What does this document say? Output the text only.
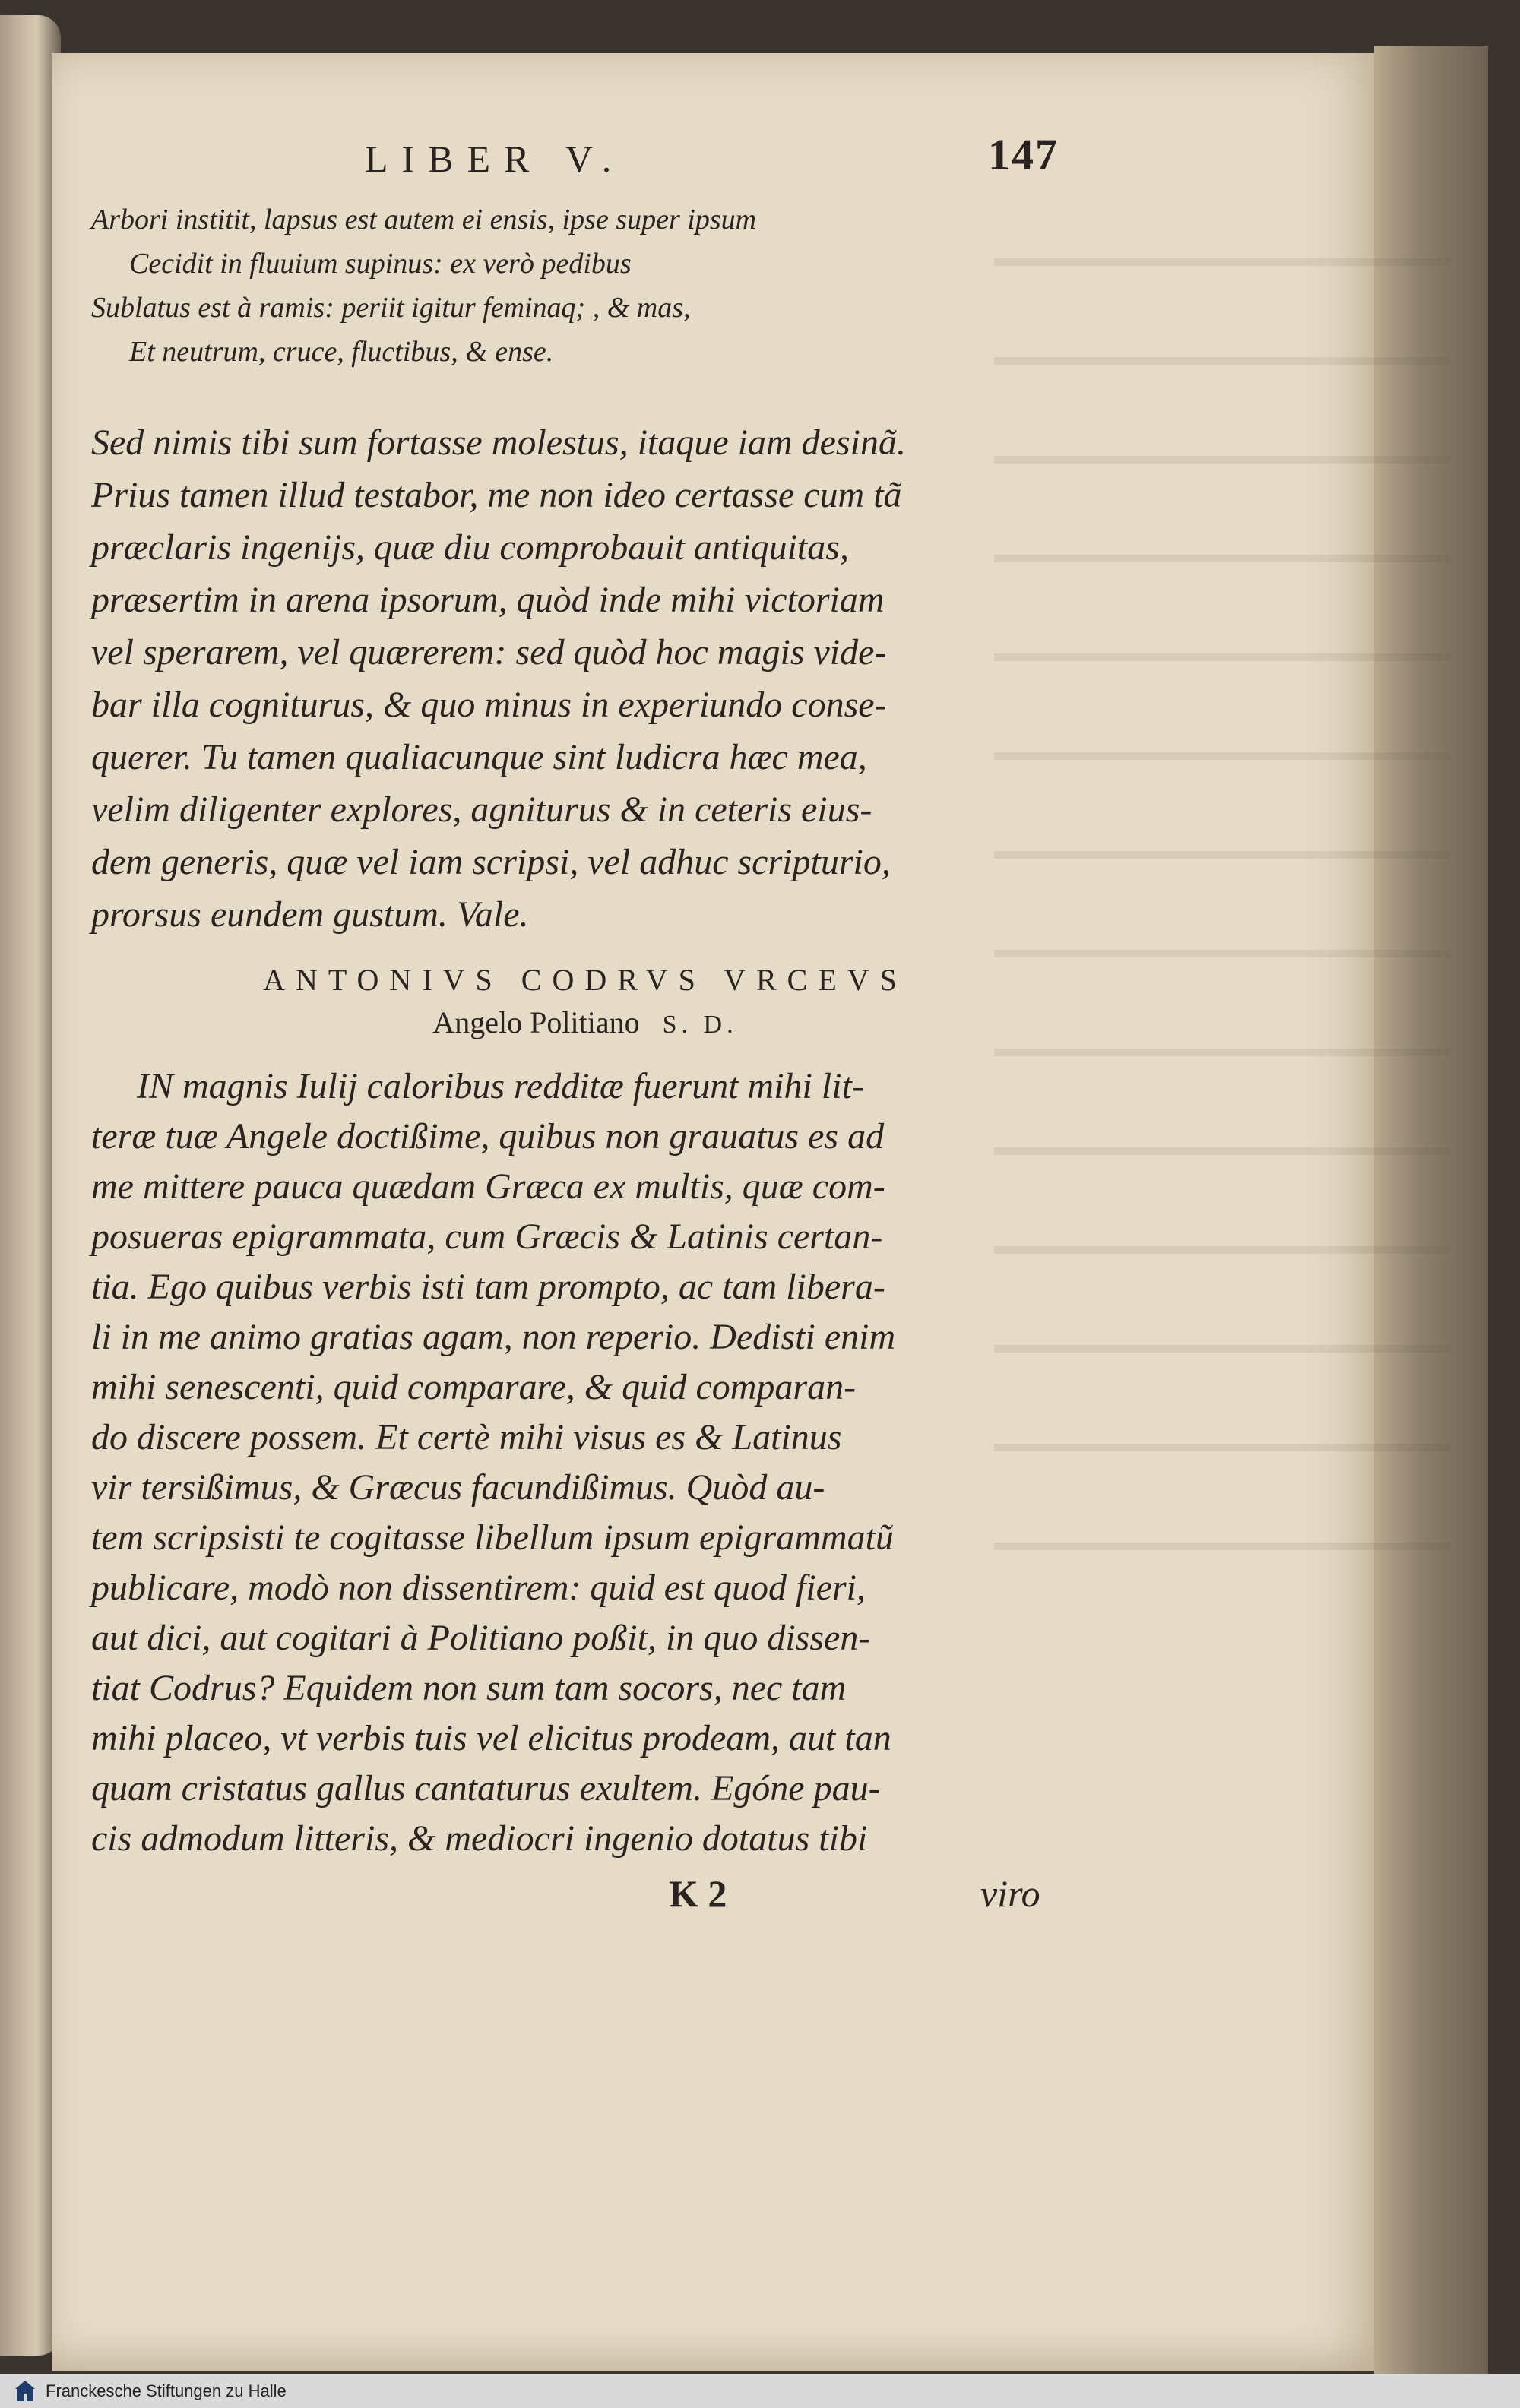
LIBER V.	147
Arbori institit, lapsus est autem ei ensis, ipse super ipsum
Cecidit in fluuium supinus: ex verò pedibus
Sublatus est à ramis: periit igitur feminaq; , & mas,
Et neutrum, cruce, fluctibus, & ense.
Sed nimis tibi sum fortasse molestus, itaque iam desinã.
Prius tamen illud testabor, me non ideo certasse cum tã
præclaris ingenijs, quæ diu comprobauit antiquitas,
præsertim in arena ipsorum, quòd inde mihi victoriam
vel sperarem, vel quærerem: sed quòd hoc magis vide-
bar illa cogniturus, & quo minus in experiundo conse-
querer. Tu tamen qualiacunque sint ludicra hæc mea,
velim diligenter explores, agniturus & in ceteris eius-
dem generis, quæ vel iam scripsi, vel adhuc scripturio,
prorsus eundem gustum. Vale.
ANTONIVS CODRVS VRCEVS
Angelo Politiano S. D.
IN magnis Iulij caloribus redditæ fuerunt mihi lit-
teræ tuæ Angele doctißime, quibus non grauatus es ad
me mittere pauca quædam Græca ex multis, quæ com-
posueras epigrammata, cum Græcis & Latinis certan-
tia. Ego quibus verbis isti tam prompto, ac tam libera-
li in me animo gratias agam, non reperio. Dedisti enim
mihi senescenti, quid comparare, & quid comparan-
do discere possem. Et certè mihi visus es & Latinus
vir tersißimus, & Græcus facundißimus. Quòd au-
tem scripsisti te cogitasse libellum ipsum epigrammatũ
publicare, modò non dissentirem: quid est quod fieri,
aut dici, aut cogitari à Politiano poßit, in quo dissen-
tiat Codrus? Equidem non sum tam socors, nec tam
mihi placeo, vt verbis tuis vel elicitus prodeam, aut tan
quam cristatus gallus cantaturus exultem. Egóne pau-
cis admodum litteris, & mediocri ingenio dotatus tibi
K 2	viro
Franckesche Stiftungen zu Halle
